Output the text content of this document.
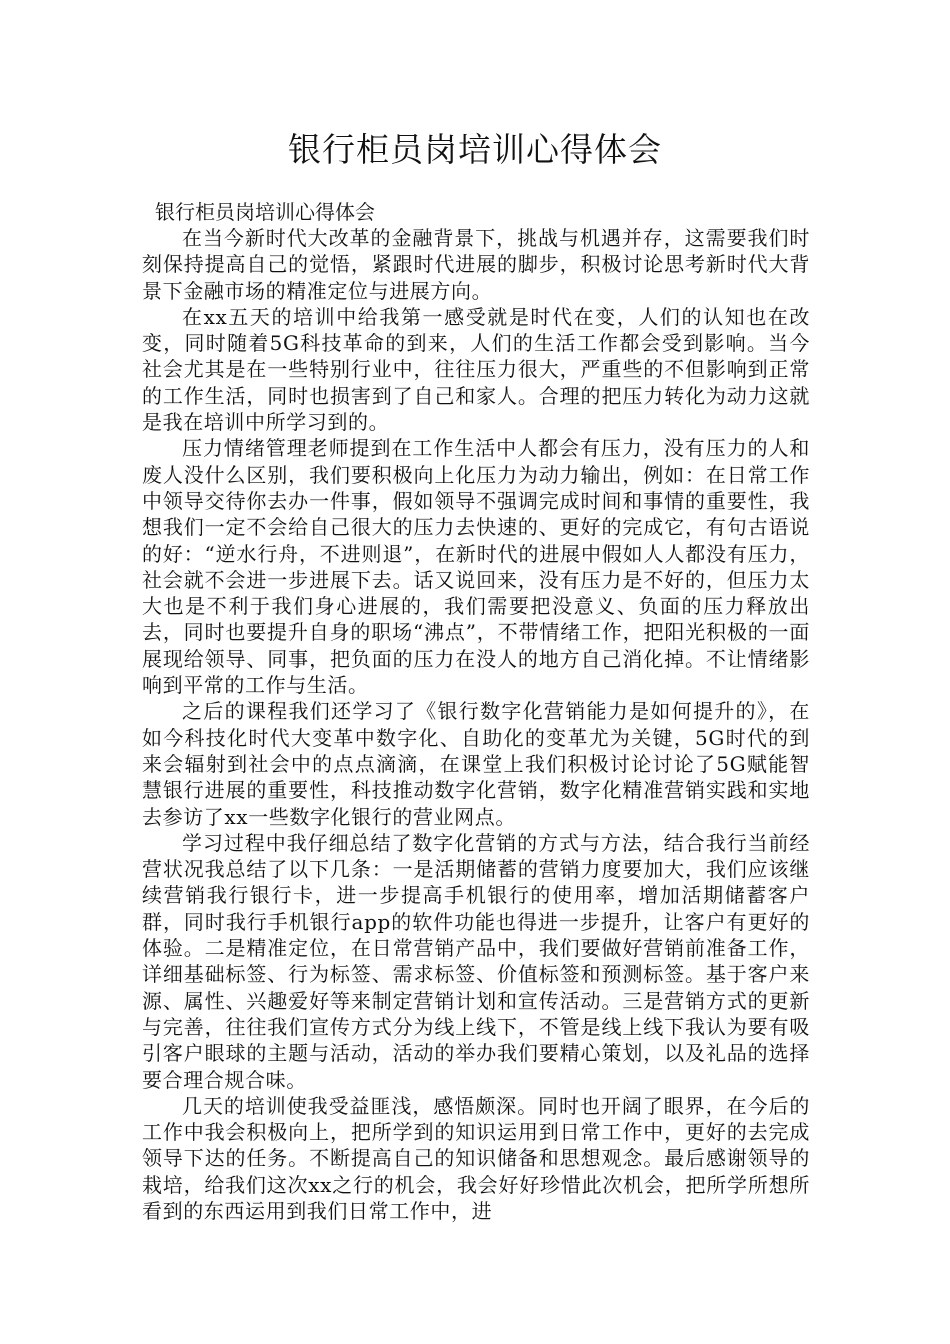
银行柜员岗培训心得体会

银行柜员岗培训心得体会

在当今新时代大改革的金融背景下，挑战与机遇并存，这需要我们时刻保持提高自己的觉悟，紧跟时代进展的脚步，积极讨论思考新时代大背景下金融市场的精准定位与进展方向。

在xx五天的培训中给我第一感受就是时代在变，人们的认知也在改变，同时随着5G科技革命的到来，人们的生活工作都会受到影响。当今社会尤其是在一些特别行业中，往往压力很大，严重些的不但影响到正常的工作生活，同时也损害到了自己和家人。合理的把压力转化为动力这就是我在培训中所学习到的。

压力情绪管理老师提到在工作生活中人都会有压力，没有压力的人和废人没什么区别，我们要积极向上化压力为动力输出，例如：在日常工作中领导交待你去办一件事，假如领导不强调完成时间和事情的重要性，我想我们一定不会给自己很大的压力去快速的、更好的完成它，有句古语说的好：“逆水行舟，不进则退”，在新时代的进展中假如人人都没有压力，社会就不会进一步进展下去。话又说回来，没有压力是不好的，但压力太大也是不利于我们身心进展的，我们需要把没意义、负面的压力释放出去，同时也要提升自身的职场“沸点”，不带情绪工作，把阳光积极的一面展现给领导、同事，把负面的压力在没人的地方自己消化掉。不让情绪影响到平常的工作与生活。

之后的课程我们还学习了《银行数字化营销能力是如何提升的》，在如今科技化时代大变革中数字化、自助化的变革尤为关键，5G时代的到来会辐射到社会中的点点滴滴，在课堂上我们积极讨论讨论了5G赋能智慧银行进展的重要性，科技推动数字化营销，数字化精准营销实践和实地去参访了xx一些数字化银行的营业网点。

学习过程中我仔细总结了数字化营销的方式与方法，结合我行当前经营状况我总结了以下几条：一是活期储蓄的营销力度要加大，我们应该继续营销我行银行卡，进一步提高手机银行的使用率，增加活期储蓄客户群，同时我行手机银行app的软件功能也得进一步提升，让客户有更好的体验。二是精准定位，在日常营销产品中，我们要做好营销前准备工作，详细基础标签、行为标签、需求标签、价值标签和预测标签。基于客户来源、属性、兴趣爱好等来制定营销计划和宣传活动。三是营销方式的更新与完善，往往我们宣传方式分为线上线下，不管是线上线下我认为要有吸引客户眼球的主题与活动，活动的举办我们要精心策划，以及礼品的选择要合理合规合味。

几天的培训使我受益匪浅，感悟颇深。同时也开阔了眼界，在今后的工作中我会积极向上，把所学到的知识运用到日常工作中，更好的去完成领导下达的任务。不断提高自己的知识储备和思想观念。最后感谢领导的栽培，给我们这次xx之行的机会，我会好好珍惜此次机会，把所学所想所看到的东西运用到我们日常工作中，进
